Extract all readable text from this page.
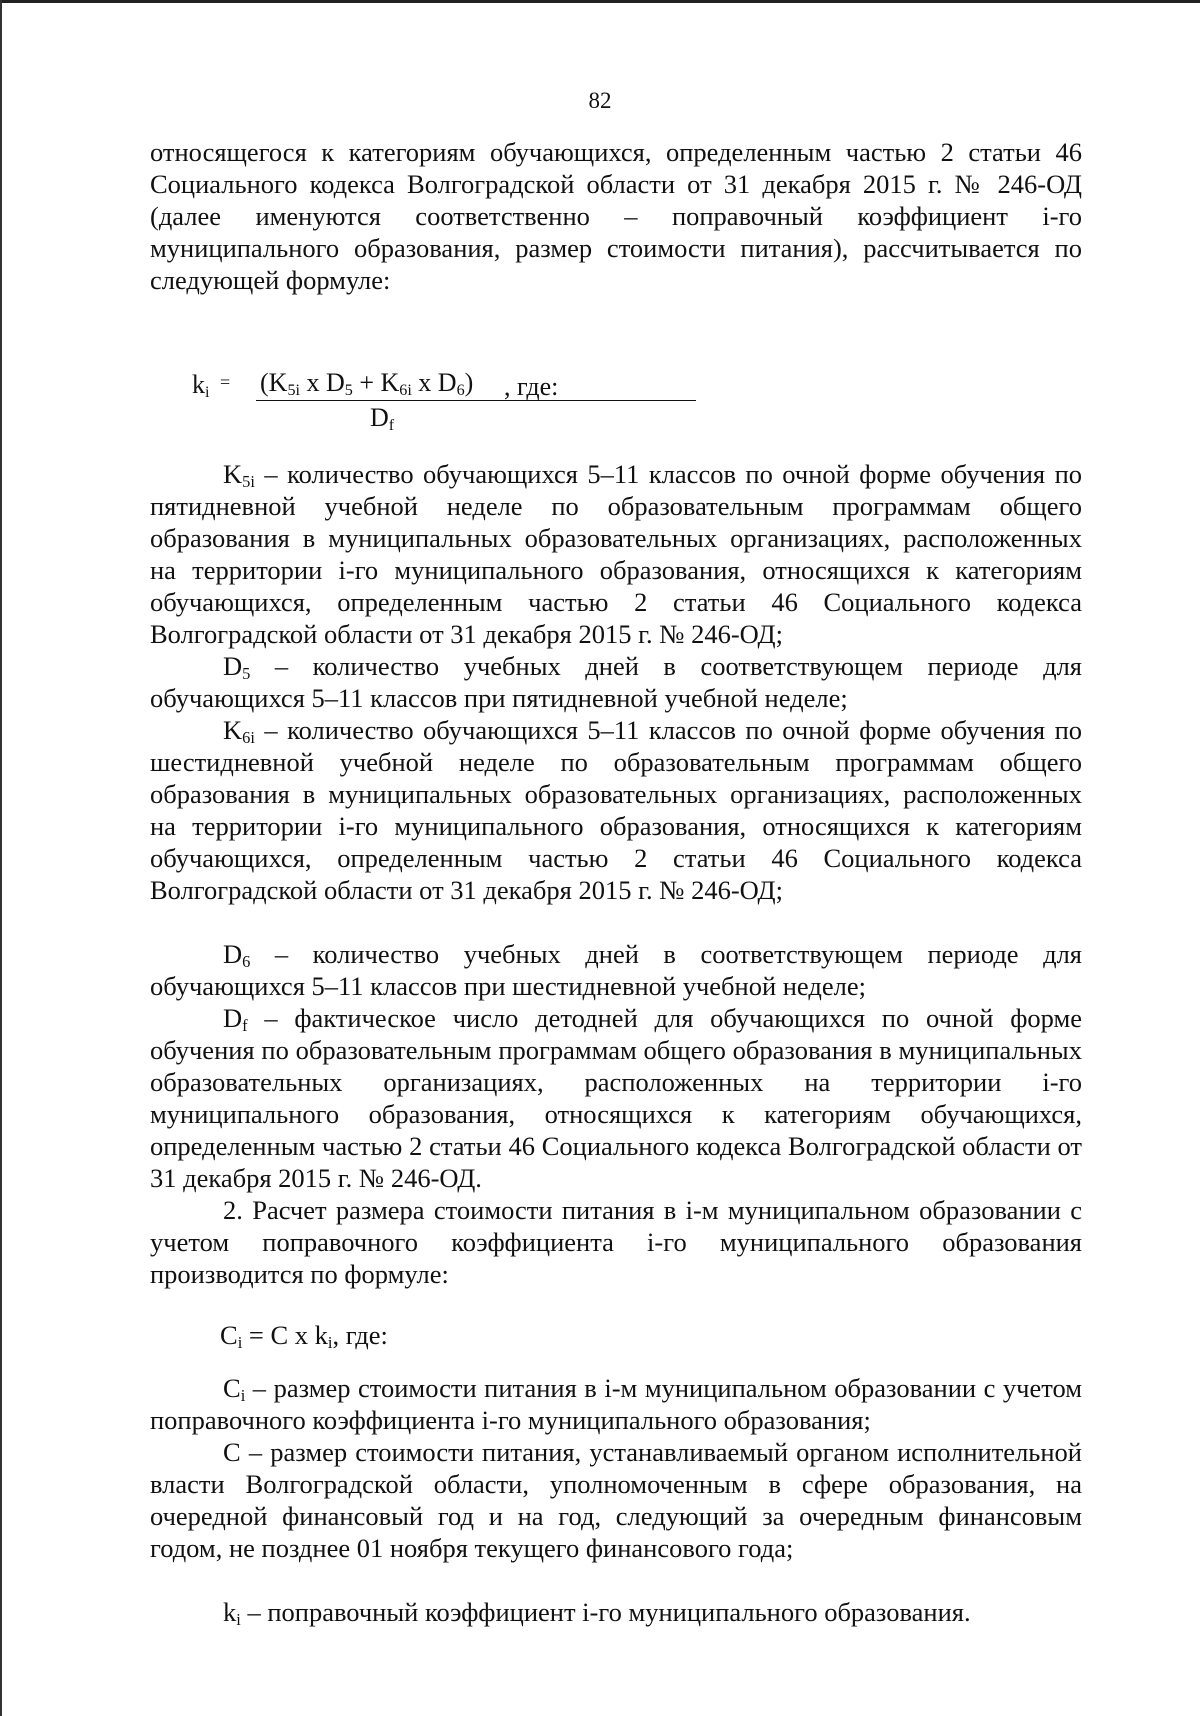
82
относящегося к категориям обучающихся, определенным частью 2 статьи 46 Социального кодекса Волгоградской области от 31 декабря 2015 г. № 246-ОД (далее именуются соответственно – поправочный коэффициент i-го муниципального образования, размер стоимости питания), рассчитывается по следующей формуле:
$k_i$
= ($K_{5i}$ x $D_5 + K_{6i}$ x $D_6$)
$D_f$
, где:
$K_{5i}$ – количество обучающихся 5–11 классов по очной форме обучения по пятидневной учебной неделе по образовательным программам общего образования в муниципальных образовательных организациях, расположенных на территории i-го муниципального образования, относящихся к категориям обучающихся, определенным частью 2 статьи 46 Социального кодекса Волгоградской области от 31 декабря 2015 г. № 246-ОД;
$D_5$ – количество учебных дней в соответствующем периоде для обучающихся 5–11 классов при пятидневной учебной неделе;
$K_{6i}$ – количество обучающихся 5–11 классов по очной форме обучения по шестидневной учебной неделе по образовательным программам общего образования в муниципальных образовательных организациях, расположенных на территории i-го муниципального образования, относящихся к категориям обучающихся, определенным частью 2 статьи 46 Социального кодекса Волгоградской области от 31 декабря 2015 г. № 246-ОД;
$D_6$ – количество учебных дней в соответствующем периоде для обучающихся 5–11 классов при шестидневной учебной неделе;
$D_f$ – фактическое число детодней для обучающихся по очной форме обучения по образовательным программам общего образования в муниципальных образовательных организациях, расположенных на территории i-го муниципального образования, относящихся к категориям обучающихся, определенным частью 2 статьи 46 Социального кодекса Волгоградской области от 31 декабря 2015 г. № 246-ОД.
2. Расчет размера стоимости питания в i-м муниципальном образовании с учетом поправочного коэффициента i-го муниципального образования производится по формуле:
$C_i = C$ x $k_i$, где:
$C_i$ – размер стоимости питания в i-м муниципальном образовании с учетом поправочного коэффициента i-го муниципального образования;
C – размер стоимости питания, устанавливаемый органом исполнительной власти Волгоградской области, уполномоченным в сфере образования, на очередной финансовый год и на год, следующий за очередным финансовым годом, не позднее 01 ноября текущего финансового года;
$k_i$ – поправочный коэффициент i-го муниципального образования.
